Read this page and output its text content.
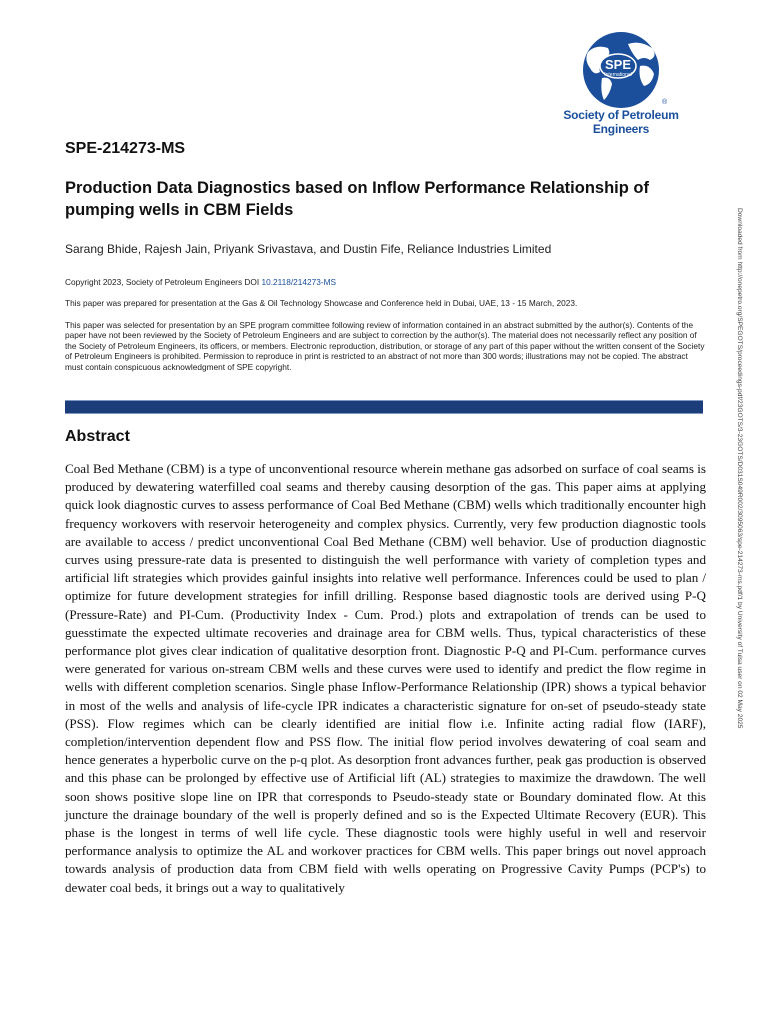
SPE
International
®
Society of Petroleum Engineers
SPE-214273-MS
Production Data Diagnostics based on Inflow Performance Relationship of pumping wells in CBM Fields
Sarang Bhide, Rajesh Jain, Priyank Srivastava, and Dustin Fife, Reliance Industries Limited
Copyright 2023, Society of Petroleum Engineers DOI 10.2118/214273-MS
This paper was prepared for presentation at the Gas & Oil Technology Showcase and Conference held in Dubai, UAE, 13 - 15 March, 2023.
This paper was selected for presentation by an SPE program committee following review of information contained in an abstract submitted by the author(s). Contents of the paper have not been reviewed by the Society of Petroleum Engineers and are subject to correction by the author(s). The material does not necessarily reflect any position of the Society of Petroleum Engineers, its officers, or members. Electronic reproduction, distribution, or storage of any part of this paper without the written consent of the Society of Petroleum Engineers is prohibited. Permission to reproduce in print is restricted to an abstract of not more than 300 words; illustrations may not be copied. The abstract must contain conspicuous acknowledgment of SPE copyright.
Abstract

Coal Bed Methane (CBM) is a type of unconventional resource wherein methane gas adsorbed on surface of coal seams is produced by dewatering waterfilled coal seams and thereby causing desorption of the gas. This paper aims at applying quick look diagnostic curves to assess performance of Coal Bed Methane (CBM) wells which traditionally encounter high frequency workovers with reservoir heterogeneity and complex physics. Currently, very few production diagnostic tools are available to access / predict unconventional Coal Bed Methane (CBM) well behavior. Use of production diagnostic curves using pressure-rate data is presented to distinguish the well performance with variety of completion types and artificial lift strategies which provides gainful insights into relative well performance. Inferences could be used to plan / optimize for future development strategies for infill drilling. Response based diagnostic tools are derived using P-Q (Pressure-Rate) and PI-Cum. (Productivity Index - Cum. Prod.) plots and extrapolation of trends can be used to guesstimate the expected ultimate recoveries and drainage area for CBM wells. Thus, typical characteristics of these performance plot gives clear indication of qualitative desorption front. Diagnostic P-Q and PI-Cum. performance curves were generated for various on-stream CBM wells and these curves were used to identify and predict the flow regime in wells with different completion scenarios. Single phase Inflow-Performance Relationship (IPR) shows a typical behavior in most of the wells and analysis of life-cycle IPR indicates a characteristic signature for on-set of pseudo-steady state (PSS). Flow regimes which can be clearly identified are initial flow i.e. Infinite acting radial flow (IARF), completion/intervention dependent flow and PSS flow. The initial flow period involves dewatering of coal seam and hence generates a hyperbolic curve on the p-q plot. As desorption front advances further, peak gas production is observed and this phase can be prolonged by effective use of Artificial lift (AL) strategies to maximize the drawdown. The well soon shows positive slope line on IPR that corresponds to Pseudo-steady state or Boundary dominated flow. At this juncture the drainage boundary of the well is properly defined and so is the Expected Ultimate Recovery (EUR). This phase is the longest in terms of well life cycle. These diagnostic tools were highly useful in well and reservoir performance analysis to optimize the AL and workover practices for CBM wells. This paper brings out novel approach towards analysis of production data from CBM field with wells operating on Progressive Cavity Pumps (PCP's) to dewater coal beds, it brings out a way to qualitatively

Downloaded from http://onepetro.org/SPEGOTS/proceedings-pdf/23GOTS/3-23GOTS/D031S049R002/3095063/spe-214273-ms.pdf/1 by University of Tulsa user on 02 May 2025
